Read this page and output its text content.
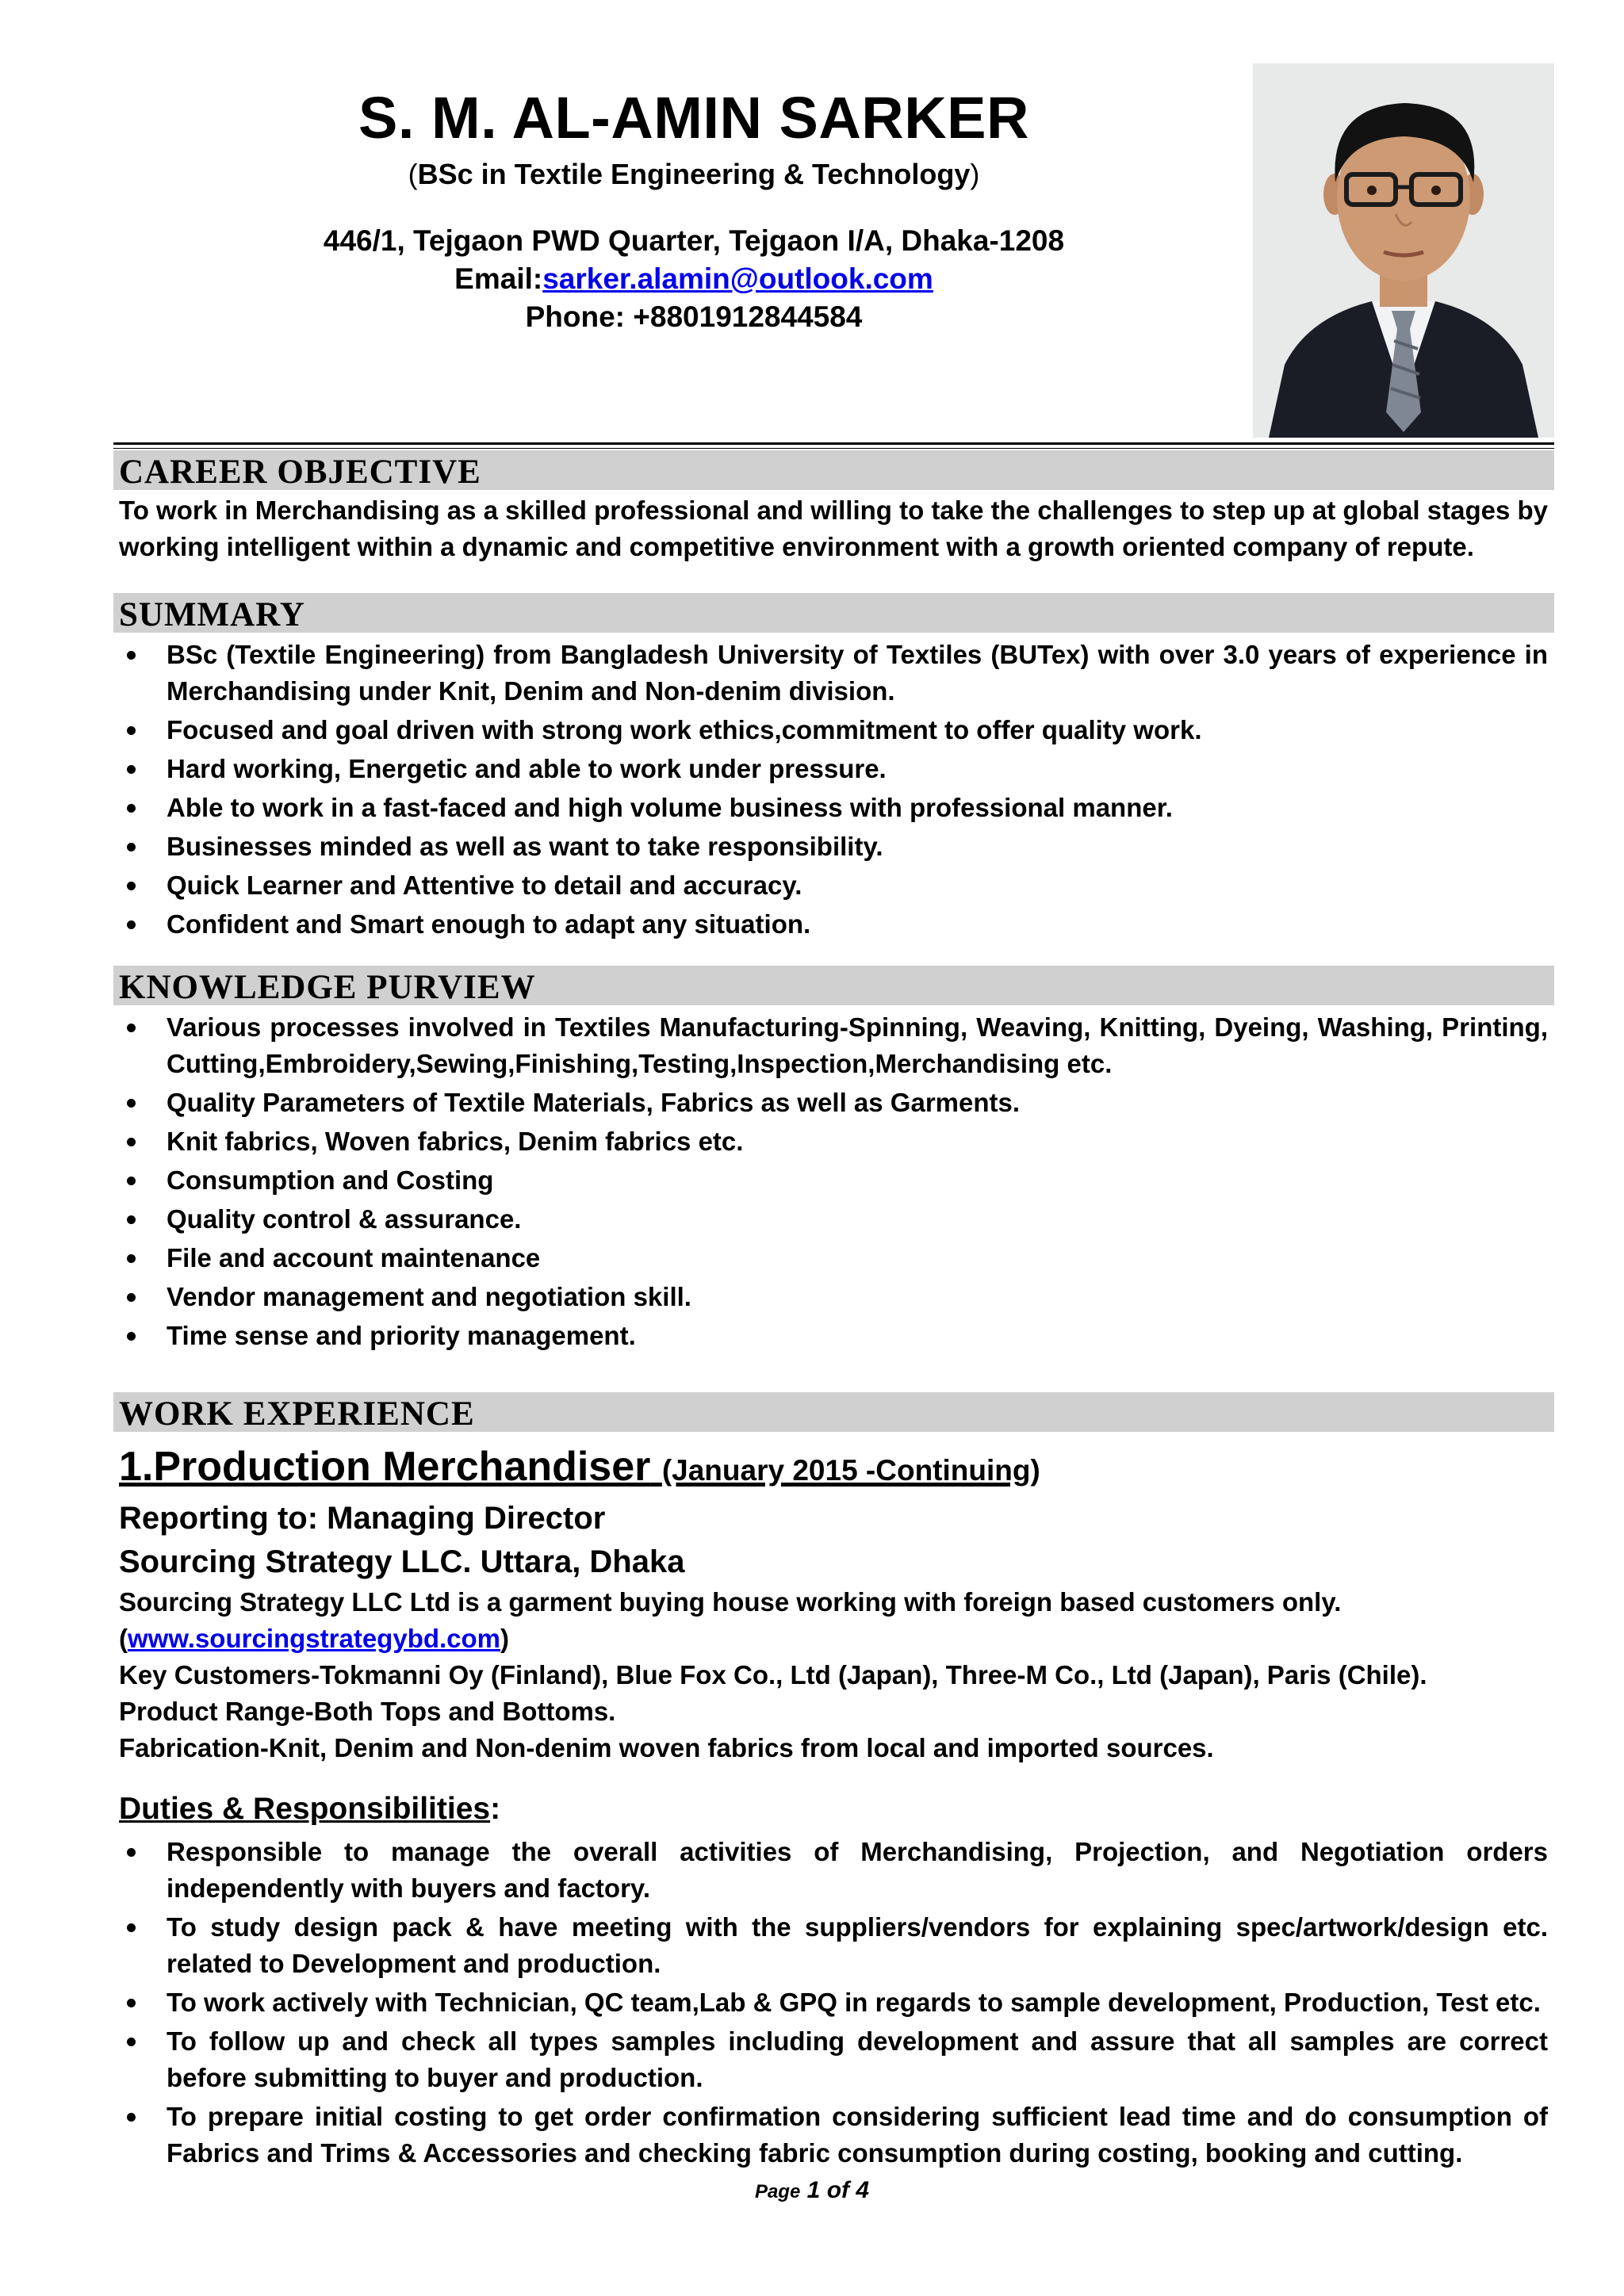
S. M. AL-AMIN SARKER
(BSc in Textile Engineering & Technology)
446/1, Tejgaon PWD Quarter, Tejgaon I/A, Dhaka-1208
Email:sarker.alamin@outlook.com
Phone: +8801912844584
CAREER OBJECTIVE
To work in Merchandising as a skilled professional and willing to take the challenges to step up at global stages by working intelligent within a dynamic and competitive environment with a growth oriented company of repute.
SUMMARY
BSc (Textile Engineering) from Bangladesh University of Textiles (BUTex) with over 3.0 years of experience in Merchandising under Knit, Denim and Non-denim division.
Focused and goal driven with strong work ethics,commitment to offer quality work.
Hard working, Energetic and able to work under pressure.
Able to work in a fast-faced and high volume business with professional manner.
Businesses minded as well as want to take responsibility.
Quick Learner and Attentive to detail and accuracy.
Confident and Smart enough to adapt any situation.
KNOWLEDGE PURVIEW
Various processes involved in Textiles Manufacturing-Spinning, Weaving, Knitting, Dyeing, Washing, Printing, Cutting,Embroidery,Sewing,Finishing,Testing,Inspection,Merchandising etc.
Quality Parameters of Textile Materials, Fabrics as well as Garments.
Knit fabrics, Woven fabrics, Denim fabrics etc.
Consumption and Costing
Quality control & assurance.
File and account maintenance
Vendor management and negotiation skill.
Time sense and priority management.
WORK EXPERIENCE
1.Production Merchandiser (January 2015 -Continuing)
Reporting to: Managing Director
Sourcing Strategy LLC. Uttara, Dhaka
Sourcing Strategy LLC Ltd is a garment buying house working with foreign based customers only.
(www.sourcingstrategybd.com)
Key Customers-Tokmanni Oy (Finland), Blue Fox Co., Ltd (Japan), Three-M Co., Ltd (Japan), Paris (Chile).
Product Range-Both Tops and Bottoms.
Fabrication-Knit, Denim and Non-denim woven fabrics from local and imported sources.
Duties & Responsibilities:
Responsible to manage the overall activities of Merchandising, Projection, and Negotiation orders independently with buyers and factory.
To study design pack & have meeting with the suppliers/vendors for explaining spec/artwork/design etc. related to Development and production.
To work actively with Technician, QC team,Lab & GPQ in regards to sample development, Production, Test etc.
To follow up and check all types samples including development and assure that all samples are correct before submitting to buyer and production.
To prepare initial costing to get order confirmation considering sufficient lead time and do consumption of Fabrics and Trims & Accessories and checking fabric consumption during costing, booking and cutting.
Page 1 of 4
